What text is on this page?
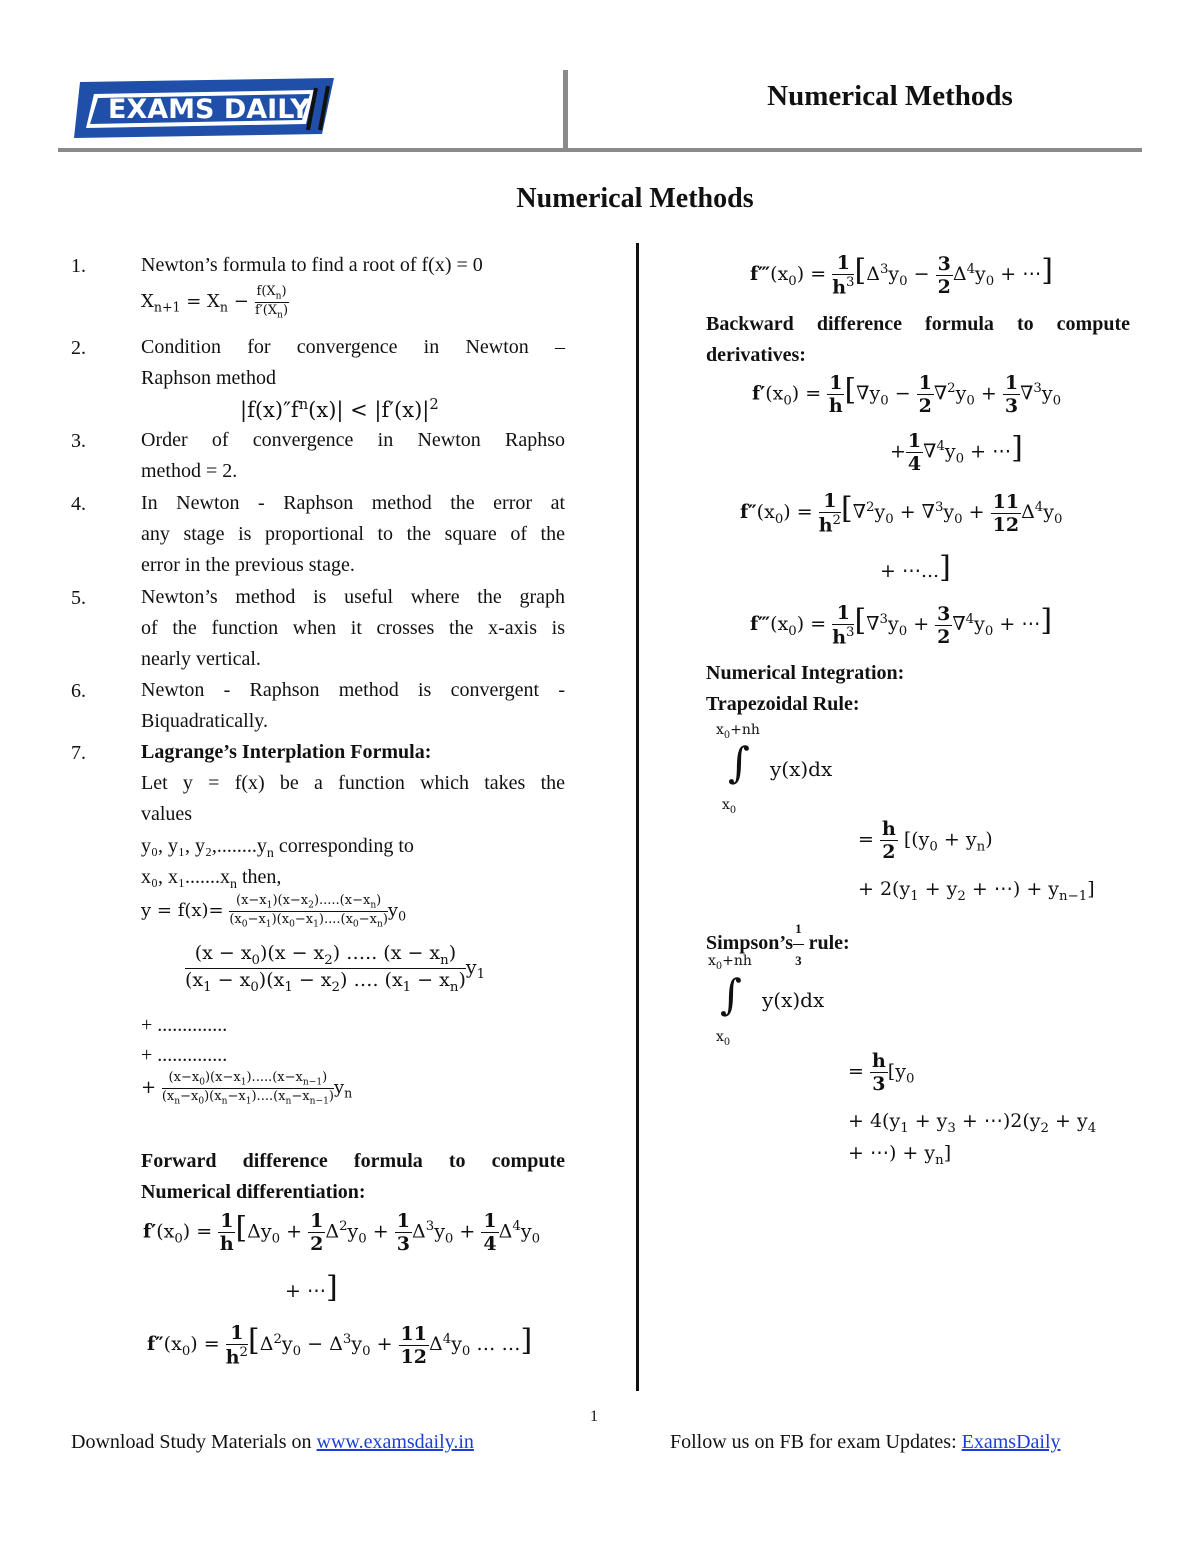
EXAMS DAILY	Numerical Methods
Numerical Methods
1.	Newton’s formula to find a root of f(x) = 0
$X_{n+1} = X_n - \frac{f(X_n)}{f'(X_n)}$
2.	Condition for convergence in Newton –
Raphson method
$|f(x)''f^n(x)| < |f'(x)|^2$
3.	Order of convergence in Newton Raphso
method = 2.
4.	In Newton - Raphson method the error at
any stage is proportional to the square of the
error in the previous stage.
5.	Newton’s method is useful where the graph
of the function when it crosses the x-axis is
nearly vertical.
6.	Newton - Raphson method is convergent -
Biquadratically.
7.	Lagrange’s Interplation Formula:
Let y = f(x) be a function which takes the
values
y₀, y₁, $y_2,........y_n$ corresponding to
x₀, $x_1.......x_n$ then,
$y = f(x)= \frac{(x-x_1)(x-x_2).....(x-x_n)}{(x_0-x_1)(x_0-x_1)....(x_0-x_n)} y_0$
$\frac{(x - x_0)(x - x_2) \dots.. (x - x_n)}{(x_1 - x_0)(x_1 - x_2) \dots. (x_1 - x_n)} y_1$
+ ..............
+ ..............
+ $\frac{(x-x_0)(x-x_1).....(x-x_{n-1})}{(x_n-x_0)(x_n-x_1)....(x_n-x_{n-1})} y_n$
Forward difference formula to compute
Numerical differentiation:
$f'(x_0) = \frac{1}{h} [\Delta y_0 + \frac{1}{2} \Delta^2y_0 + \frac{1}{3} \Delta^3y_0 + \frac{1}{4} \Delta^4y_0$
+ ⋯]
$f''(x_0) = \frac{1}{h^2} [\Delta^2y_0 - \Delta^3y_0 + \frac{11}{12} \Delta^4y_0$ … …]
$f‴(x_0) = \frac{1}{h^3} [\Delta^3y_0 - \frac{3}{2} \Delta^4y_0$ + ⋯]
Backward difference formula to compute
derivatives:
$f'(x_0) = \frac{1}{h} [\nabla y_0 - \frac{1}{2} \nabla^2y_0 + \frac{1}{3} \nabla^3y_0$
+ $\frac{1}{4} \nabla^4y_0$ + ⋯]
$f''(x_0) = \frac{1}{h^2} [\nabla^2y_0 + \nabla^3y_0 + \frac{11}{12} \Delta^4y_0$
+ ⋯...]
$f‴(x_0) = \frac{1}{h^3} [\nabla^3y_0 + \frac{3}{2} \nabla^4y_0$ + ⋯]
Numerical Integration:
Trapezoidal Rule:
$x_0+nh$
∫
$x_0$
y(x)dx
= $\frac{h}{2} [(y_0 + y_n)$
+ $2(y_1 + y_2$ + ⋯) + $y_{n-1}$]
Simpson’s $\frac{1}{3}$ rule:
$x_0+nh$
∫
$x_0$
y(x)dx
= $\frac{h}{3} [y_0$
+ $4(y_1 + y_3$ + $\cdots)2(y_2 + y_4$
+ ⋯) + $y_n$]
1
Download Study Materials on www.examsdaily.in	Follow us on FB for exam Updates: ExamsDaily
